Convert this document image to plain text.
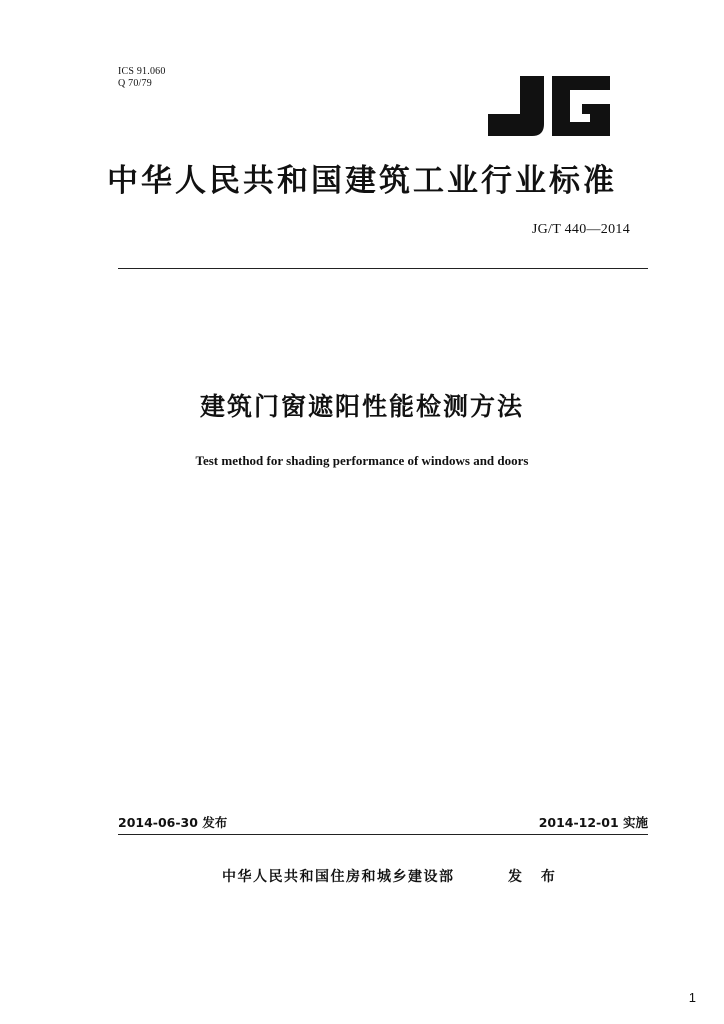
ICS 91.060
Q 70/79
中华人民共和国建筑工业行业标准
JG/T 440—2014
建筑门窗遮阳性能检测方法
Test method for shading performance of windows and doors
2014-06-30 发布	2014-12-01 实施
中华人民共和国住房和城乡建设部	发 布
1
